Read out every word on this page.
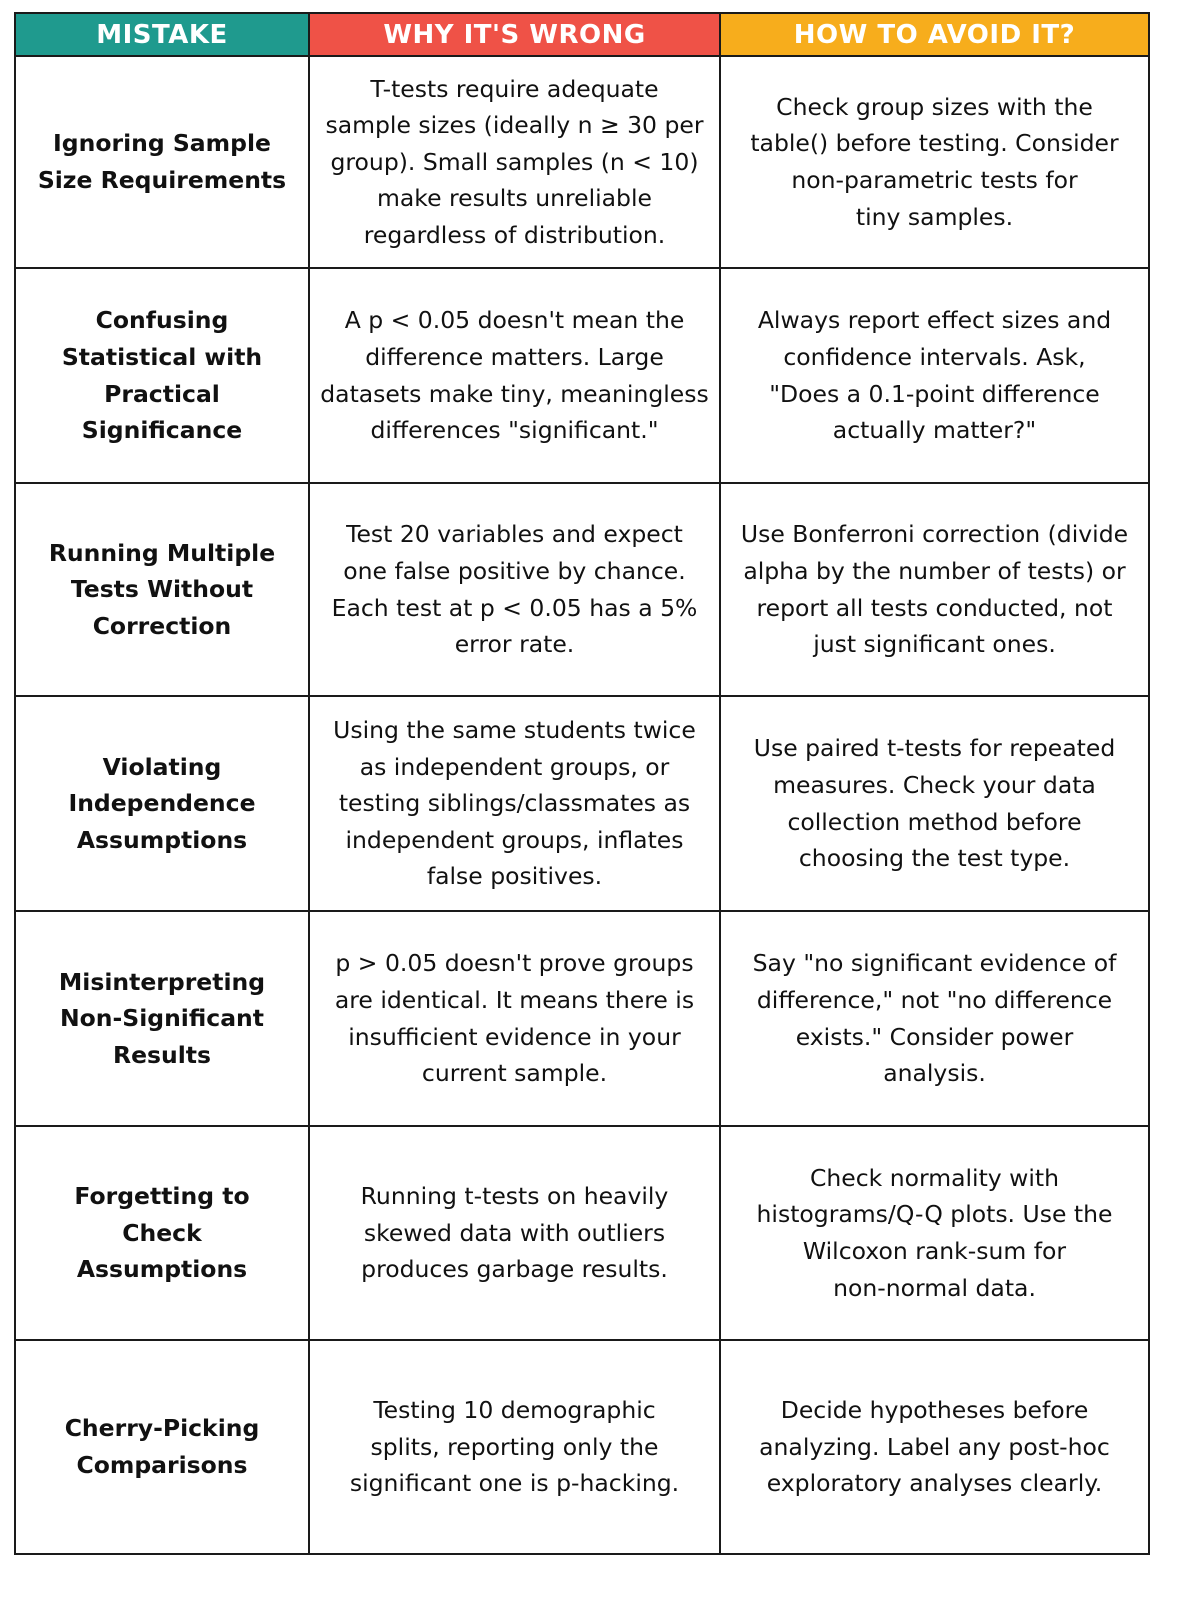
MISTAKE	WHY IT'S WRONG	HOW TO AVOID IT?

Ignoring Sample
Size Requirements	T-tests require adequate
sample sizes (ideally n ≥ 30 per
group). Small samples (n < 10)
make results unreliable
regardless of distribution.	Check group sizes with the
table() before testing. Consider
non-parametric tests for
tiny samples.

Confusing
Statistical with
Practical
Significance	A p < 0.05 doesn't mean the
difference matters. Large
datasets make tiny, meaningless
differences "significant."	Always report effect sizes and
confidence intervals. Ask,
"Does a 0.1-point difference
actually matter?"

Running Multiple
Tests Without
Correction	Test 20 variables and expect
one false positive by chance.
Each test at p < 0.05 has a 5%
error rate.	Use Bonferroni correction (divide
alpha by the number of tests) or
report all tests conducted, not
just significant ones.

Violating
Independence
Assumptions	Using the same students twice
as independent groups, or
testing siblings/classmates as
independent groups, inflates
false positives.	Use paired t-tests for repeated
measures. Check your data
collection method before
choosing the test type.

Misinterpreting
Non-Significant
Results	p > 0.05 doesn't prove groups
are identical. It means there is
insufficient evidence in your
current sample.	Say "no significant evidence of
difference," not "no difference
exists." Consider power
analysis.

Forgetting to
Check
Assumptions	Running t-tests on heavily
skewed data with outliers
produces garbage results.	Check normality with
histograms/Q-Q plots. Use the
Wilcoxon rank-sum for
non-normal data.

Cherry-Picking
Comparisons	Testing 10 demographic
splits, reporting only the
significant one is p-hacking.	Decide hypotheses before
analyzing. Label any post-hoc
exploratory analyses clearly.
